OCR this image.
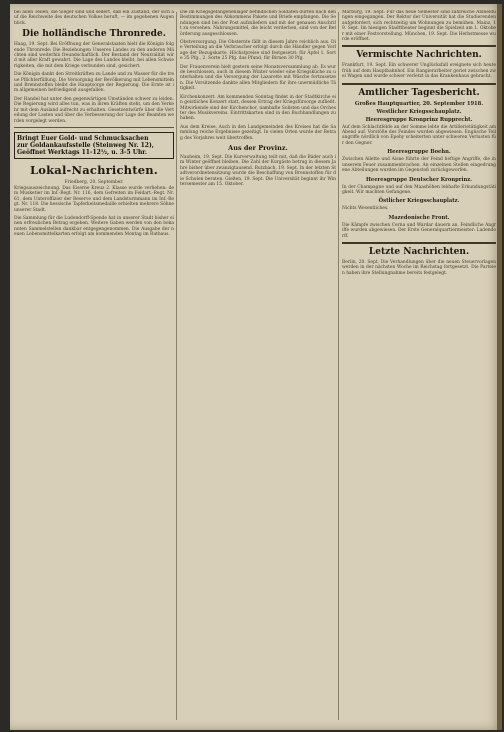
bei allen Teilen, die Sieger sind und sedert, daß ein Zustand, der sich auf die Reichweite des deutschen Volkes beruft, — im gegebenen Augenblick.

Die holländische Thronrede.

Haag, 19. Sept. Bei Eröffnung der Generalstaaten hielt die Königin folgende Thronrede: Die Beziehungen Unseres Landes zu den anderen Mächten sind weiterhin freundschaftlich. Der Bestand der Neutralität wird mit aller Kraft gewahrt. Die Lage des Landes bleibt, bei allen Schwierigkeiten, die mit dem Kriege verbunden sind, gesichert.

Die Königin dankt den Streitkräften zu Lande und zu Wasser für die treue Pflichterfüllung. Die Versorgung der Bevölkerung mit Lebensmitteln und Brennstoffen bleibt die Hauptsorge der Regierung. Die Ernte ist im allgemeinen befriedigend ausgefallen.

Der Handel hat unter den gegenwärtigen Umständen schwer zu leiden. Die Regierung wird alles tun, was in ihren Kräften steht, um den Verkehr mit dem Ausland aufrecht zu erhalten. Gesetzentwürfe über die Verteilung der Lasten und über die Verbesserung der Lage der Beamten werden vorgelegt werden.

Bringt Euer Gold- und Schmucksachen
zur Goldankaufsstelle (Steinweg Nr. 12),
Geöffnet Werktags 11-12½, u. 3-5 Uhr.
Lokal-Nachrichten.
Friedberg, 20. September.

Kriegsauszeichnung. Das Eiserne Kreuz 2. Klasse wurde verliehen: dem Musketier im Inf.-Regt. Nr. 116, dem Gefreiten im Feldart.-Regt. Nr. 61, dem Unteroffizier der Reserve und dem Landsturmmann im Inf.-Regt. Nr. 118. Die hessische Tapferkeitsmedaille erhielten mehrere Söhne unserer Stadt.

Die Sammlung für die Ludendorff-Spende hat in unserer Stadt bisher einen erfreulichen Betrag ergeben. Weitere Gaben werden von den bekannten Sammelstellen dankbar entgegengenommen. Die Ausgabe der neuen Lebensmittelkarten erfolgt am kommenden Montag im Rathaus.

Die im Kriegsgefangenenlager befindlichen Soldaten dürfen nach den Bestimmungen des Abkommens Pakete und Briefe empfangen. Die Sendungen sind bei der Post aufzuliefern und mit der genauen Anschrift zu versehen. Nahrungsmittel, die leicht verderben, sind von der Beförderung ausgeschlossen.

Obstversorgung. Die Obsternte fällt in diesem Jahre reichlich aus. Die Verteilung an die Verbraucher erfolgt durch die Händler gegen Vorlage der Bezugskarte. Höchstpreise sind festgesetzt: für Äpfel 1. Sorte 35 Pfg., 2. Sorte 25 Pfg. das Pfund, für Birnen 30 Pfg.

Der Frauenverein hielt gestern seine Monatsversammlung ab. Es wurde beschlossen, auch in diesem Winter wieder eine Kriegsküche zu unterhalten und die Versorgung der Lazarette mit Wäsche fortzusetzen. Die Vorsitzende dankte allen Mitgliedern für ihre unermüdliche Tätigkeit.

Kirchenkonzert. Am kommenden Sonntag findet in der Stadtkirche ein geistliches Konzert statt, dessen Ertrag der Kriegsfürsorge zufließt. Mitwirkende sind der Kirchenchor, namhafte Solisten und das Orchester des Musikvereins. Eintrittskarten sind in den Buchhandlungen zu haben.

Aus dem Kreise. Auch in den Landgemeinden des Kreises hat die Sammlung reiche Ergebnisse gezeitigt. In vielen Orten wurde der Betrag des Vorjahres weit übertroffen.

Aus der Provinz.

Nauheim, 19. Sept. Die Kurverwaltung teilt mit, daß die Bäder auch im Winter geöffnet bleiben. Die Zahl der Kurgäste betrug in diesem Jahre bisher über zwanzigtausend. Butzbach, 19. Sept. In der letzten Stadtverordnetensitzung wurde die Beschaffung von Brennstoffen für die Schulen beraten. Gießen, 19. Sept. Die Universität beginnt ihr Wintersemester am 15. Oktober.

Marburg, 19. Sept. Für das neue Semester sind zahlreiche Anmeldungen eingegangen. Der Rektor der Universität hat die Studierenden aufgefordert, sich rechtzeitig um Wohnungen zu bemühen. Mainz, 19. Sept. Im hiesigen Stadttheater beginnt die Spielzeit am 1. Oktober mit einer Festvorstellung. München, 19. Sept. Die Herbstmesse wurde eröffnet.

Vermischte Nachrichten.

Frankfurt, 19. Sept. Ein schwerer Unglücksfall ereignete sich heute früh auf dem Hauptbahnhof. Ein Rangierarbeiter geriet zwischen zwei Wagen und wurde schwer verletzt in das Krankenhaus gebracht.

Amtlicher Tagesbericht.
Großes Hauptquartier, 20. September 1918.
Westlicher Kriegsschauplatz.
Heeresgruppe Kronprinz Rupprecht.

Auf dem Schlachtfelde an der Somme lebte die Artillerietätigkeit am Abend auf. Vorstöße des Feindes wurden abgewiesen. Englische Teilangriffe nördlich von Epehy scheiterten unter schweren Verlusten für den Gegner.

Heeresgruppe Boehn.

Zwischen Ailette und Aisne führte der Feind heftige Angriffe, die in unserem Feuer zusammenbrachen. An einzelnen Stellen eingedrungene Abteilungen wurden im Gegenstoß zurückgeworfen.

Heeresgruppe Deutscher Kronprinz.

In der Champagne und auf den Maashöhen lebhafte Erkundungstätigkeit. Wir machten Gefangene.

Östlicher Kriegsschauplatz.

Nichts Wesentliches.

Mazedonische Front.

Die Kämpfe zwischen Cerna und Wardar dauern an. Feindliche Angriffe wurden abgewiesen. Der Erste Generalquartiermeister: Ludendorff.

Letzte Nachrichten.

Berlin, 20. Sept. Die Verhandlungen über die neuen Steuervorlagen werden in der nächsten Woche im Reichstag fortgesetzt. Die Parteien haben ihre Stellungnahme bereits festgelegt.
